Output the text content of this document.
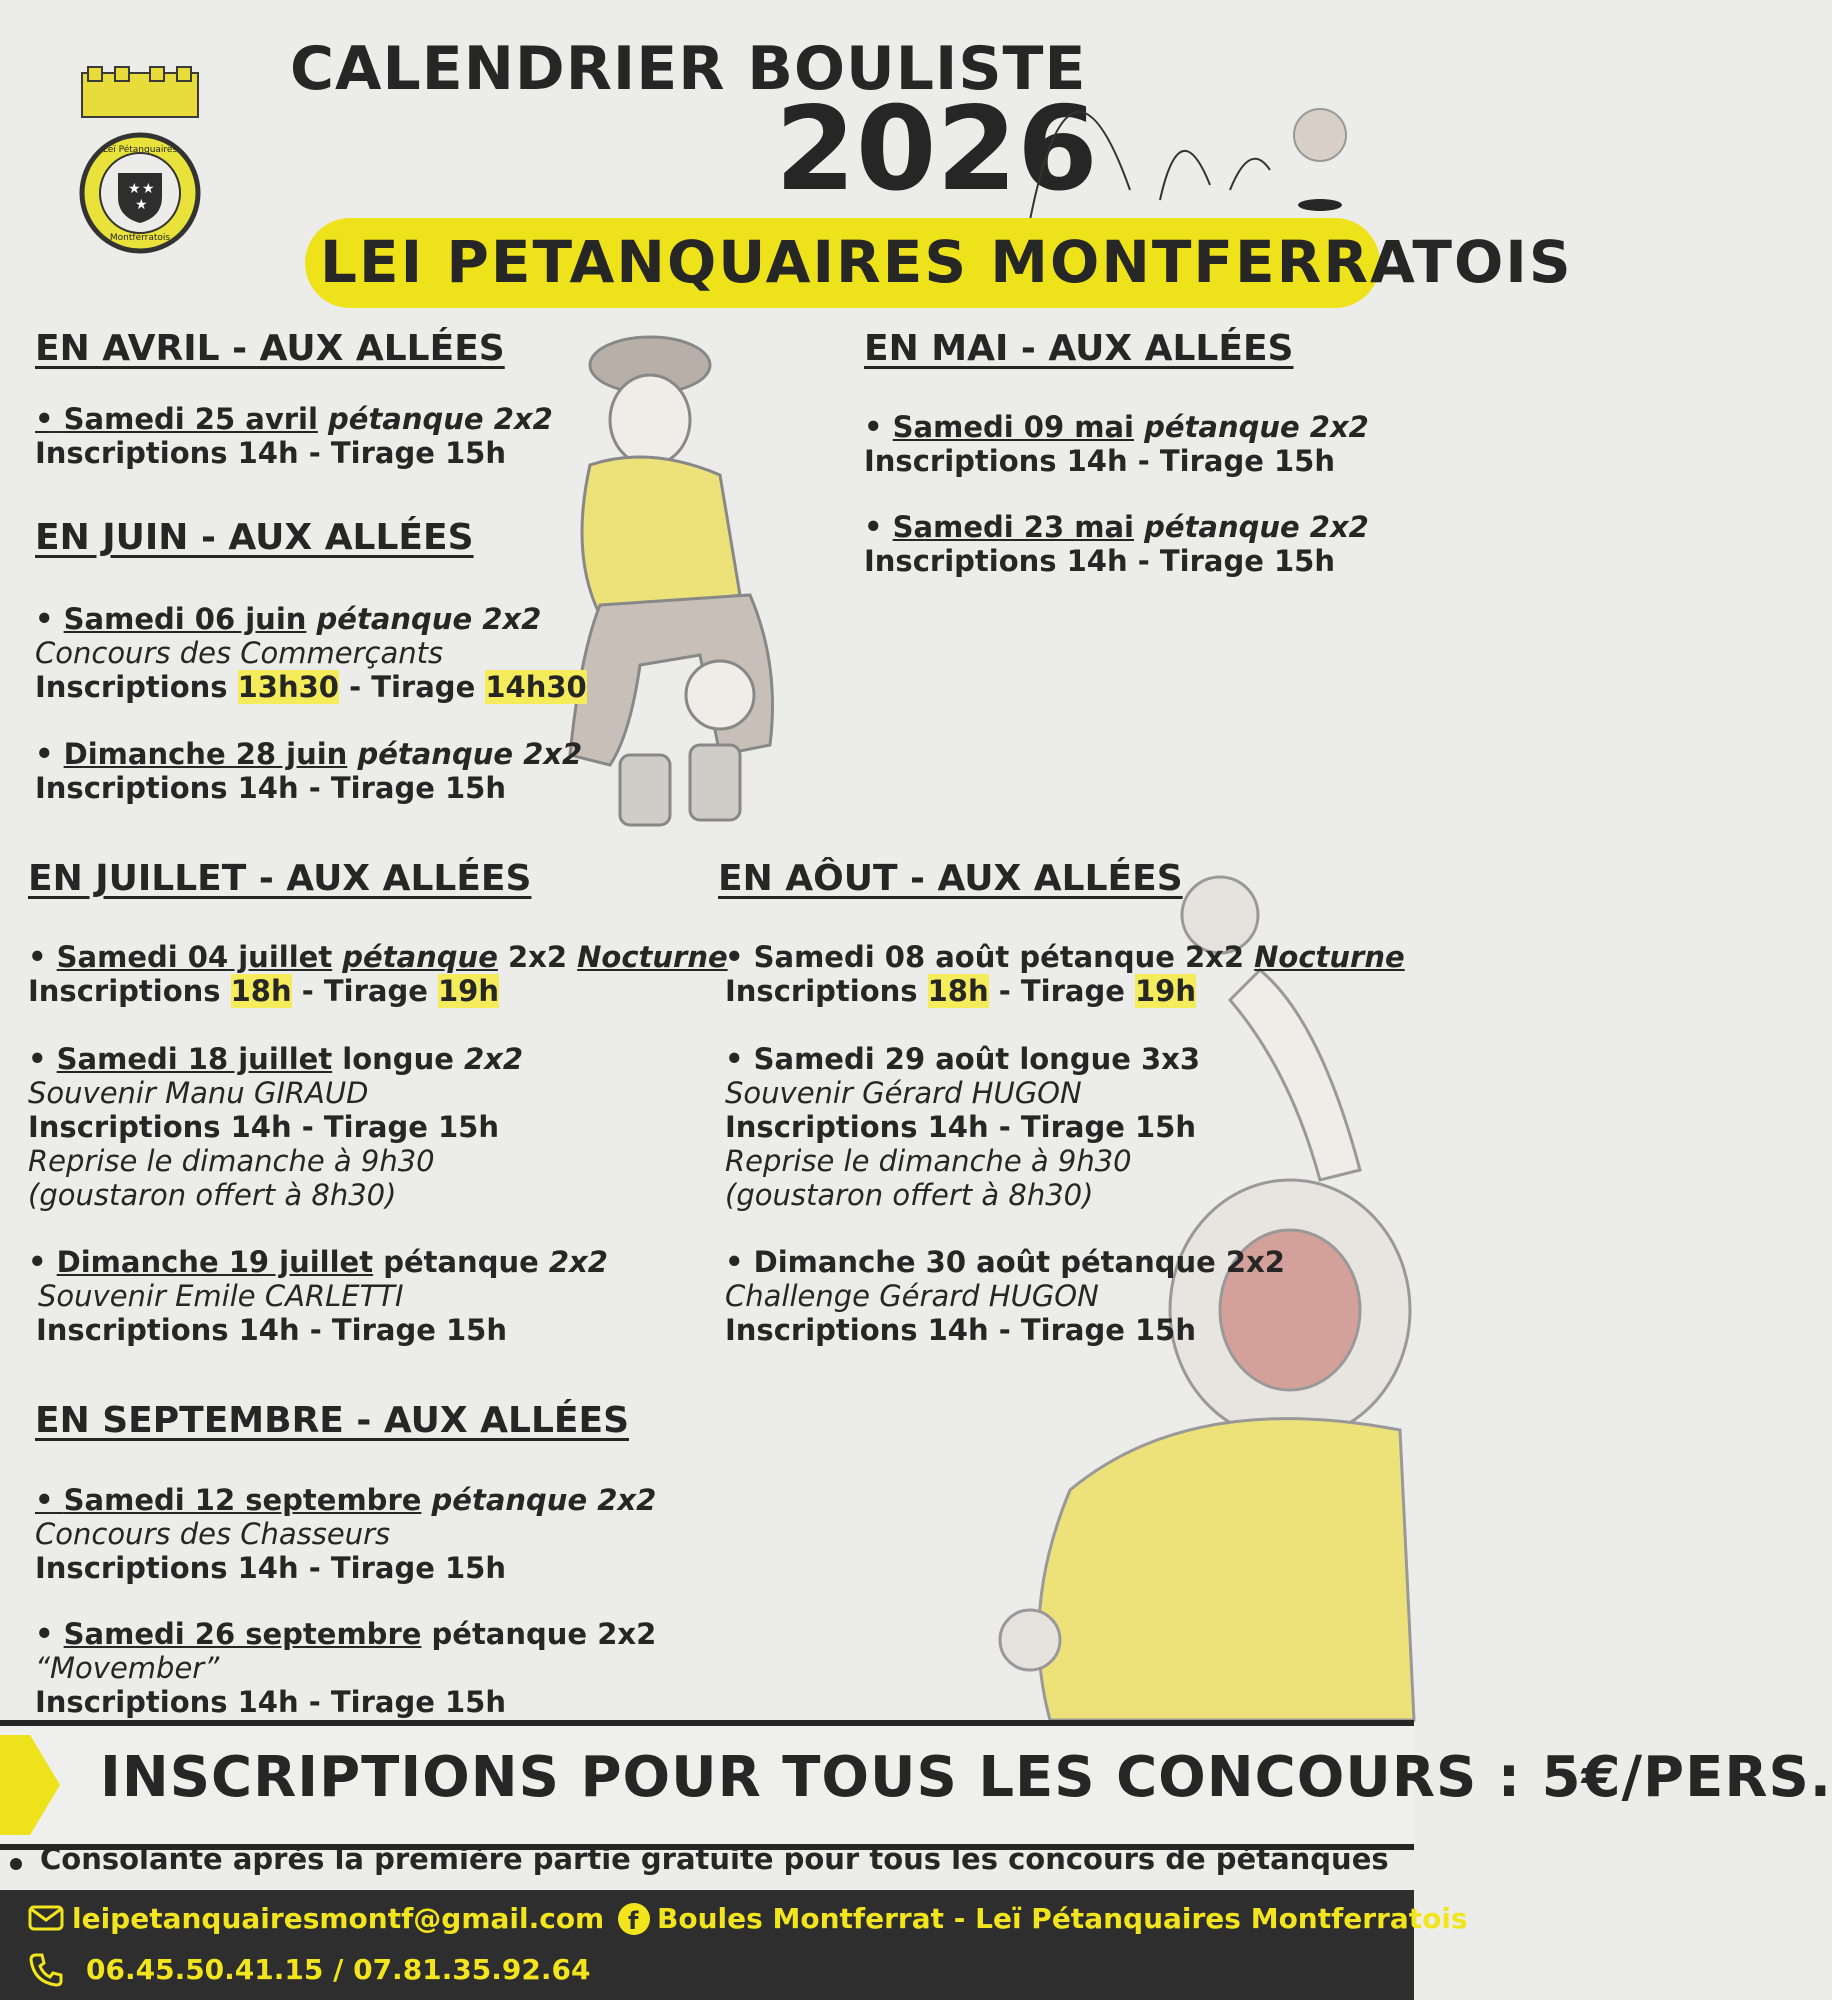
★ ★
★
Leï Pétanquaires
Montferratois
CALENDRIER BOULISTE
2026
LEI PETANQUAIRES MONTFERRATOIS
EN AVRIL - AUX ALLÉES
• Samedi 25 avril pétanque 2x2
Inscriptions 14h - Tirage 15h
EN MAI - AUX ALLÉES
• Samedi 09 mai pétanque 2x2
Inscriptions 14h - Tirage 15h
• Samedi 23 mai pétanque 2x2
Inscriptions 14h - Tirage 15h
EN JUIN - AUX ALLÉES
• Samedi 06 juin pétanque 2x2
Concours des Commerçants
Inscriptions 13h30 - Tirage 14h30
• Dimanche 28 juin pétanque 2x2
Inscriptions 14h - Tirage 15h
EN JUILLET - AUX ALLÉES
• Samedi 04 juillet pétanque 2x2 Nocturne
Inscriptions 18h - Tirage 19h
• Samedi 18 juillet longue 2x2
Souvenir Manu GIRAUD
Inscriptions 14h - Tirage 15h
Reprise le dimanche à 9h30
(goustaron offert à 8h30)
• Dimanche 19 juillet pétanque 2x2
Souvenir Emile CARLETTI
Inscriptions 14h - Tirage 15h
EN AÔUT - AUX ALLÉES
• Samedi 08 août pétanque 2x2 Nocturne
Inscriptions 18h - Tirage 19h
• Samedi 29 août longue 3x3
Souvenir Gérard HUGON
Inscriptions 14h - Tirage 15h
Reprise le dimanche à 9h30
(goustaron offert à 8h30)
• Dimanche 30 août pétanque 2x2
Challenge Gérard HUGON
Inscriptions 14h - Tirage 15h
EN SEPTEMBRE - AUX ALLÉES
• Samedi 12 septembre pétanque 2x2
Concours des Chasseurs
Inscriptions 14h - Tirage 15h
• Samedi 26 septembre pétanque 2x2
“Movember”
Inscriptions 14h - Tirage 15h
INSCRIPTIONS POUR TOUS LES CONCOURS : 5€/PERS.
Consolante après la première partie gratuite pour tous les concours de pétanques
leipetanquairesmontf@gmail.com f Boules Montferrat - Leï Pétanquaires Montferratois
06.45.50.41.15 / 07.81.35.92.64
